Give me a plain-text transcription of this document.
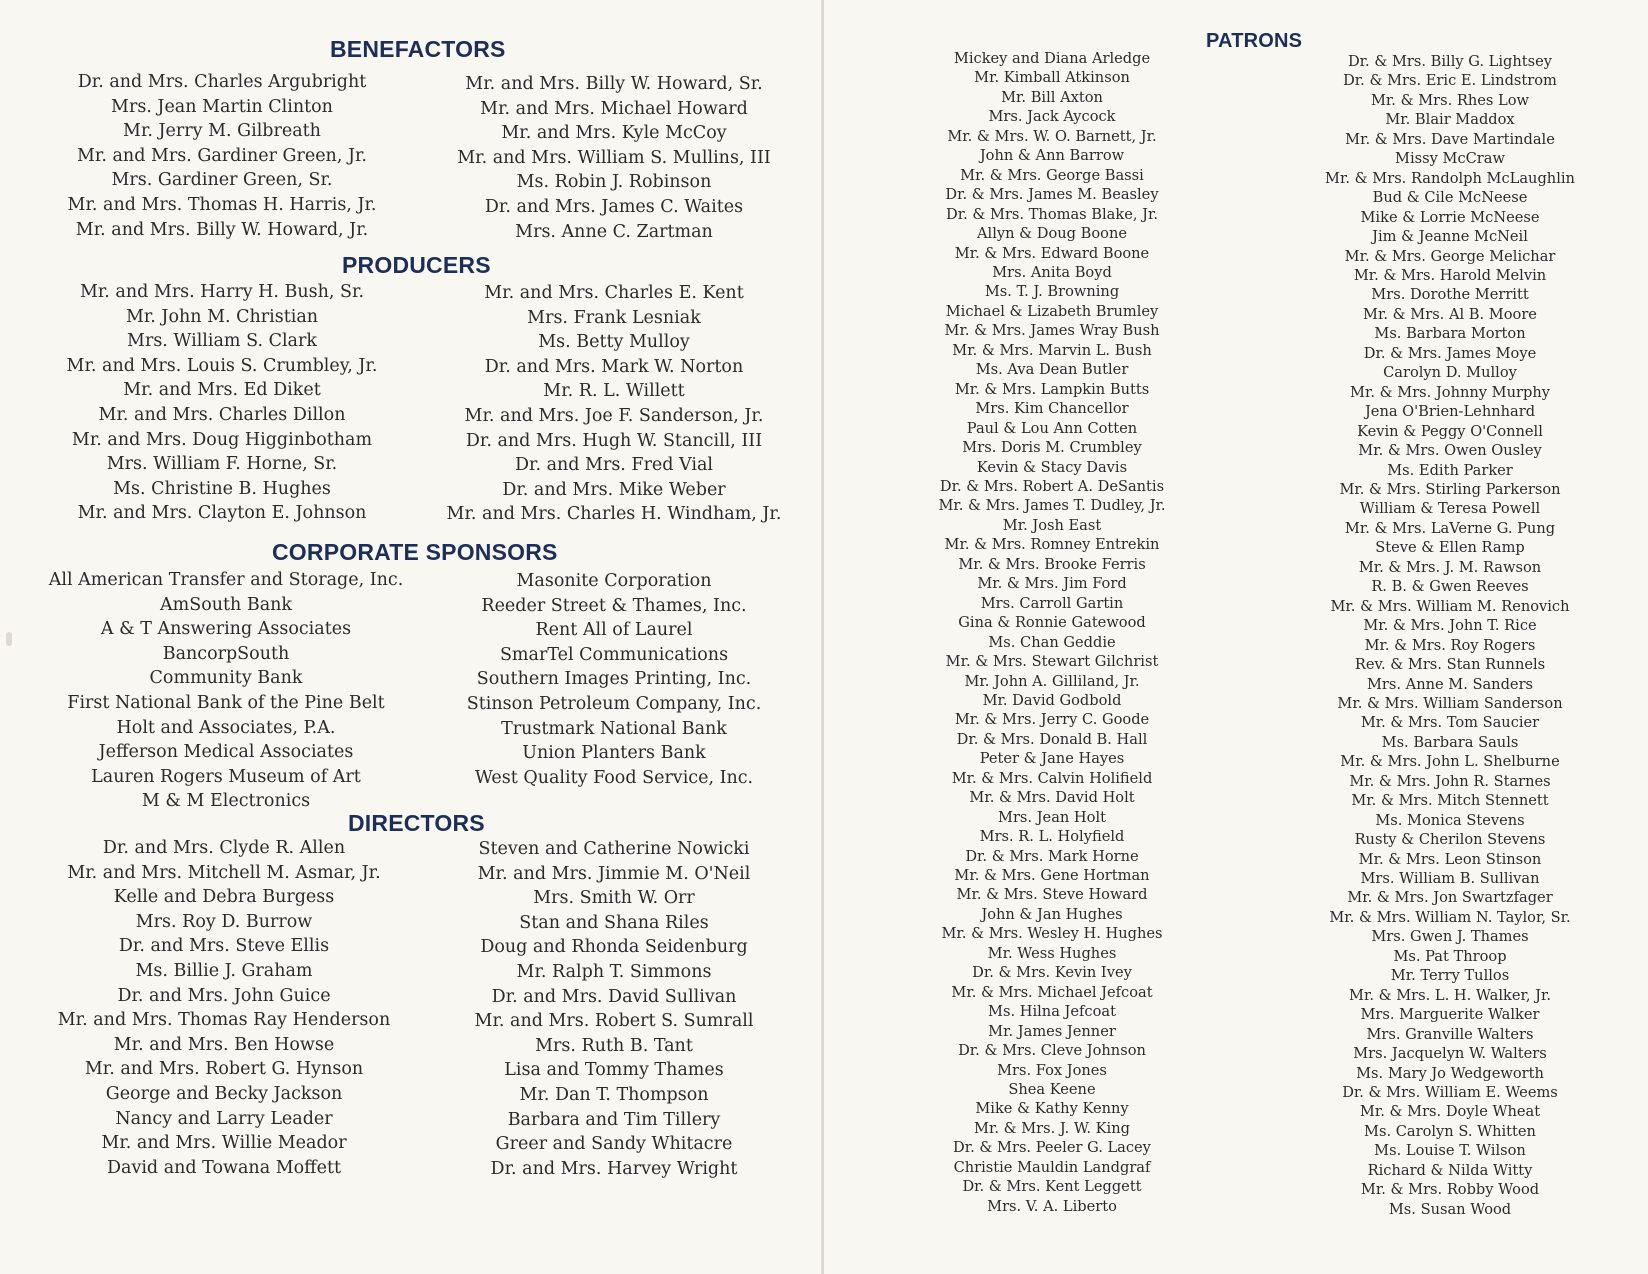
BENEFACTORS
Dr. and Mrs. Charles Argubright
Mrs. Jean Martin Clinton
Mr. Jerry M. Gilbreath
Mr. and Mrs. Gardiner Green, Jr.
Mrs. Gardiner Green, Sr.
Mr. and Mrs. Thomas H. Harris, Jr.
Mr. and Mrs. Billy W. Howard, Jr.
Mr. and Mrs. Billy W. Howard, Sr.
Mr. and Mrs. Michael Howard
Mr. and Mrs. Kyle McCoy
Mr. and Mrs. William S. Mullins, III
Ms. Robin J. Robinson
Dr. and Mrs. James C. Waites
Mrs. Anne C. Zartman
PRODUCERS
Mr. and Mrs. Harry H. Bush, Sr.
Mr. John M. Christian
Mrs. William S. Clark
Mr. and Mrs. Louis S. Crumbley, Jr.
Mr. and Mrs. Ed Diket
Mr. and Mrs. Charles Dillon
Mr. and Mrs. Doug Higginbotham
Mrs. William F. Horne, Sr.
Ms. Christine B. Hughes
Mr. and Mrs. Clayton E. Johnson
Mr. and Mrs. Charles E. Kent
Mrs. Frank Lesniak
Ms. Betty Mulloy
Dr. and Mrs. Mark W. Norton
Mr. R. L. Willett
Mr. and Mrs. Joe F. Sanderson, Jr.
Dr. and Mrs. Hugh W. Stancill, III
Dr. and Mrs. Fred Vial
Dr. and Mrs. Mike Weber
Mr. and Mrs. Charles H. Windham, Jr.
CORPORATE SPONSORS
All American Transfer and Storage, Inc.
AmSouth Bank
A & T Answering Associates
BancorpSouth
Community Bank
First National Bank of the Pine Belt
Holt and Associates, P.A.
Jefferson Medical Associates
Lauren Rogers Museum of Art
M & M Electronics
Masonite Corporation
Reeder Street & Thames, Inc.
Rent All of Laurel
SmarTel Communications
Southern Images Printing, Inc.
Stinson Petroleum Company, Inc.
Trustmark National Bank
Union Planters Bank
West Quality Food Service, Inc.
DIRECTORS
Dr. and Mrs. Clyde R. Allen
Mr. and Mrs. Mitchell M. Asmar, Jr.
Kelle and Debra Burgess
Mrs. Roy D. Burrow
Dr. and Mrs. Steve Ellis
Ms. Billie J. Graham
Dr. and Mrs. John Guice
Mr. and Mrs. Thomas Ray Henderson
Mr. and Mrs. Ben Howse
Mr. and Mrs. Robert G. Hynson
George and Becky Jackson
Nancy and Larry Leader
Mr. and Mrs. Willie Meador
David and Towana Moffett
Steven and Catherine Nowicki
Mr. and Mrs. Jimmie M. O'Neil
Mrs. Smith W. Orr
Stan and Shana Riles
Doug and Rhonda Seidenburg
Mr. Ralph T. Simmons
Dr. and Mrs. David Sullivan
Mr. and Mrs. Robert S. Sumrall
Mrs. Ruth B. Tant
Lisa and Tommy Thames
Mr. Dan T. Thompson
Barbara and Tim Tillery
Greer and Sandy Whitacre
Dr. and Mrs. Harvey Wright
PATRONS
Mickey and Diana Arledge
Mr. Kimball Atkinson
Mr. Bill Axton
Mrs. Jack Aycock
Mr. & Mrs. W. O. Barnett, Jr.
John & Ann Barrow
Mr. & Mrs. George Bassi
Dr. & Mrs. James M. Beasley
Dr. & Mrs. Thomas Blake, Jr.
Allyn & Doug Boone
Mr. & Mrs. Edward Boone
Mrs. Anita Boyd
Ms. T. J. Browning
Michael & Lizabeth Brumley
Mr. & Mrs. James Wray Bush
Mr. & Mrs. Marvin L. Bush
Ms. Ava Dean Butler
Mr. & Mrs. Lampkin Butts
Mrs. Kim Chancellor
Paul & Lou Ann Cotten
Mrs. Doris M. Crumbley
Kevin & Stacy Davis
Dr. & Mrs. Robert A. DeSantis
Mr. & Mrs. James T. Dudley, Jr.
Mr. Josh East
Mr. & Mrs. Romney Entrekin
Mr. & Mrs. Brooke Ferris
Mr. & Mrs. Jim Ford
Mrs. Carroll Gartin
Gina & Ronnie Gatewood
Ms. Chan Geddie
Mr. & Mrs. Stewart Gilchrist
Mr. John A. Gilliland, Jr.
Mr. David Godbold
Mr. & Mrs. Jerry C. Goode
Dr. & Mrs. Donald B. Hall
Peter & Jane Hayes
Mr. & Mrs. Calvin Holifield
Mr. & Mrs. David Holt
Mrs. Jean Holt
Mrs. R. L. Holyfield
Dr. & Mrs. Mark Horne
Mr. & Mrs. Gene Hortman
Mr. & Mrs. Steve Howard
John & Jan Hughes
Mr. & Mrs. Wesley H. Hughes
Mr. Wess Hughes
Dr. & Mrs. Kevin Ivey
Mr. & Mrs. Michael Jefcoat
Ms. Hilna Jefcoat
Mr. James Jenner
Dr. & Mrs. Cleve Johnson
Mrs. Fox Jones
Shea Keene
Mike & Kathy Kenny
Mr. & Mrs. J. W. King
Dr. & Mrs. Peeler G. Lacey
Christie Mauldin Landgraf
Dr. & Mrs. Kent Leggett
Mrs. V. A. Liberto
Dr. & Mrs. Billy G. Lightsey
Dr. & Mrs. Eric E. Lindstrom
Mr. & Mrs. Rhes Low
Mr. Blair Maddox
Mr. & Mrs. Dave Martindale
Missy McCraw
Mr. & Mrs. Randolph McLaughlin
Bud & Cile McNeese
Mike & Lorrie McNeese
Jim & Jeanne McNeil
Mr. & Mrs. George Melichar
Mr. & Mrs. Harold Melvin
Mrs. Dorothe Merritt
Mr. & Mrs. Al B. Moore
Ms. Barbara Morton
Dr. & Mrs. James Moye
Carolyn D. Mulloy
Mr. & Mrs. Johnny Murphy
Jena O'Brien-Lehnhard
Kevin & Peggy O'Connell
Mr. & Mrs. Owen Ousley
Ms. Edith Parker
Mr. & Mrs. Stirling Parkerson
William & Teresa Powell
Mr. & Mrs. LaVerne G. Pung
Steve & Ellen Ramp
Mr. & Mrs. J. M. Rawson
R. B. & Gwen Reeves
Mr. & Mrs. William M. Renovich
Mr. & Mrs. John T. Rice
Mr. & Mrs. Roy Rogers
Rev. & Mrs. Stan Runnels
Mrs. Anne M. Sanders
Mr. & Mrs. William Sanderson
Mr. & Mrs. Tom Saucier
Ms. Barbara Sauls
Mr. & Mrs. John L. Shelburne
Mr. & Mrs. John R. Starnes
Mr. & Mrs. Mitch Stennett
Ms. Monica Stevens
Rusty & Cherilon Stevens
Mr. & Mrs. Leon Stinson
Mrs. William B. Sullivan
Mr. & Mrs. Jon Swartzfager
Mr. & Mrs. William N. Taylor, Sr.
Mrs. Gwen J. Thames
Ms. Pat Throop
Mr. Terry Tullos
Mr. & Mrs. L. H. Walker, Jr.
Mrs. Marguerite Walker
Mrs. Granville Walters
Mrs. Jacquelyn W. Walters
Ms. Mary Jo Wedgeworth
Dr. & Mrs. William E. Weems
Mr. & Mrs. Doyle Wheat
Ms. Carolyn S. Whitten
Ms. Louise T. Wilson
Richard & Nilda Witty
Mr. & Mrs. Robby Wood
Ms. Susan Wood
